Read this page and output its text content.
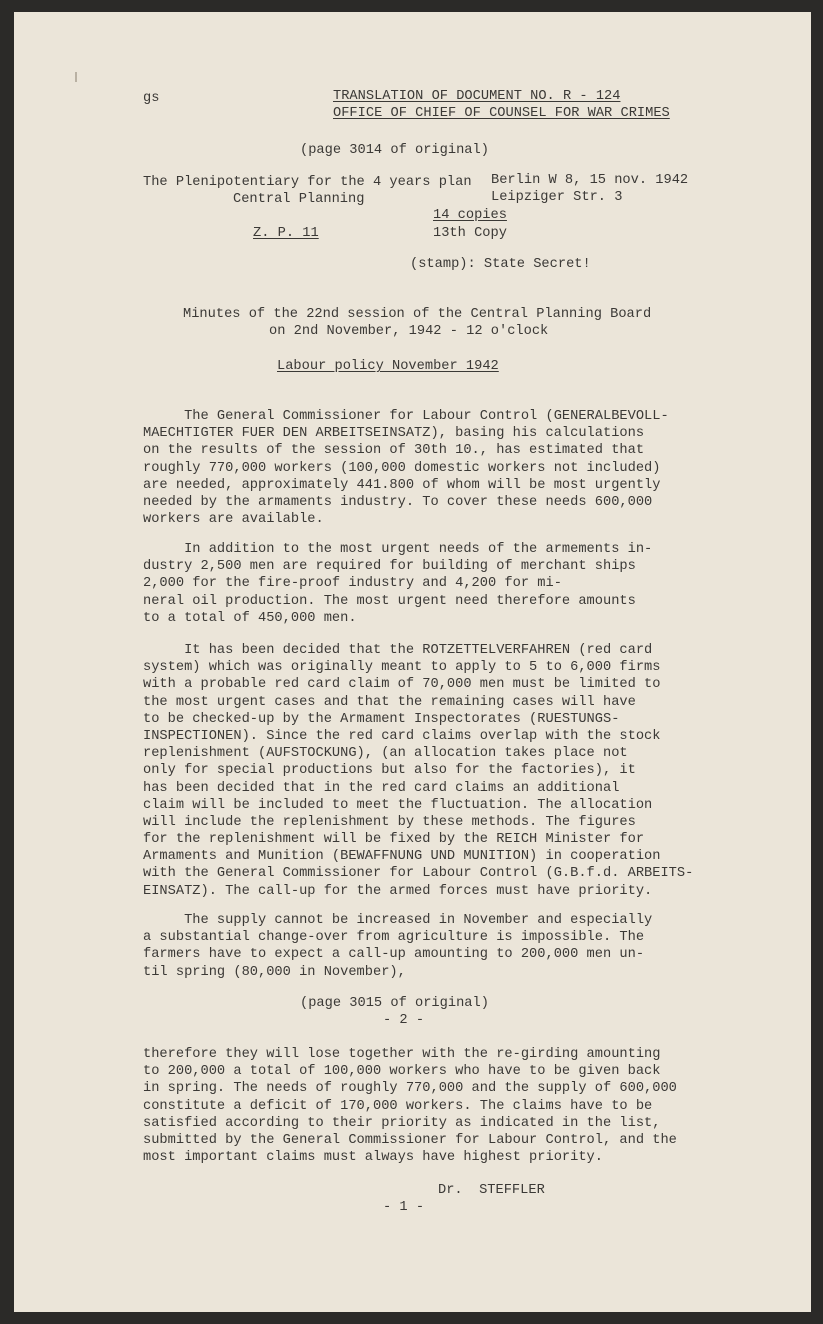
gs	TRANSLATION OF DOCUMENT NO. R - 124
OFFICE OF CHIEF OF COUNSEL FOR WAR CRIMES
(page 3014 of original)
The Plenipotentiary for the 4 years plan
Central Planning
Berlin W 8, 15 nov. 1942
Leipziger Str. 3
14 copies
Z. P. 11	13th Copy
(stamp): State Secret!
Minutes of the 22nd session of the Central Planning Board
on 2nd November, 1942 - 12 o'clock
Labour policy November 1942
The General Commissioner for Labour Control (GENERALBEVOLL-
MAECHTIGTER FUER DEN ARBEITSEINSATZ), basing his calculations
on the results of the session of 30th 10., has estimated that
roughly 770,000 workers (100,000 domestic workers not included)
are needed, approximately 441.800 of whom will be most urgently
needed by the armaments industry. To cover these needs 600,000
workers are available.
In addition to the most urgent needs of the armements in-
dustry 2,500 men are required for building of merchant ships
2,000 for the fire-proof industry and 4,200 for mi-
neral oil production. The most urgent need therefore amounts
to a total of 450,000 men.
It has been decided that the ROTZETTELVERFAHREN (red card
system) which was originally meant to apply to 5 to 6,000 firms
with a probable red card claim of 70,000 men must be limited to
the most urgent cases and that the remaining cases will have
to be checked-up by the Armament Inspectorates (RUESTUNGS-
INSPECTIONEN). Since the red card claims overlap with the stock
replenishment (AUFSTOCKUNG), (an allocation takes place not
only for special productions but also for the factories), it
has been decided that in the red card claims an additional
claim will be included to meet the fluctuation. The allocation
will include the replenishment by these methods. The figures
for the replenishment will be fixed by the REICH Minister for
Armaments and Munition (BEWAFFNUNG UND MUNITION) in cooperation
with the General Commissioner for Labour Control (G.B.f.d. ARBEITS-
EINSATZ). The call-up for the armed forces must have priority.
The supply cannot be increased in November and especially
a substantial change-over from agriculture is impossible. The
farmers have to expect a call-up amounting to 200,000 men un-
til spring (80,000 in November),
(page 3015 of original)
- 2 -
therefore they will lose together with the re-girding amounting
to 200,000 a total of 100,000 workers who have to be given back
in spring. The needs of roughly 770,000 and the supply of 600,000
constitute a deficit of 170,000 workers. The claims have to be
satisfied according to their priority as indicated in the list,
submitted by the General Commissioner for Labour Control, and the
most important claims must always have highest priority.
Dr.  STEFFLER
- 1 -
